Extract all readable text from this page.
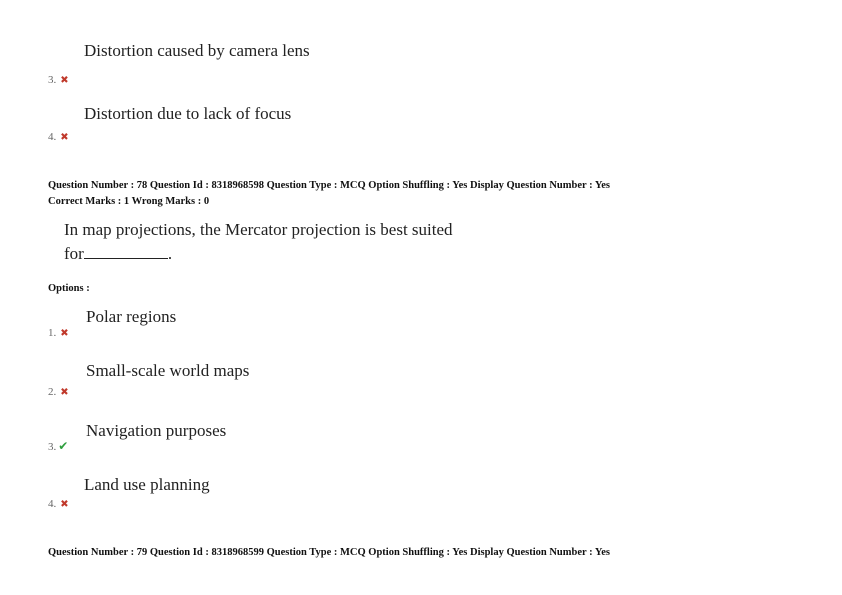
Distortion caused by camera lens
3. ✖
Distortion due to lack of focus
4. ✖
Question Number : 78 Question Id : 8318968598 Question Type : MCQ Option Shuffling : Yes Display Question Number : Yes
Correct Marks : 1 Wrong Marks : 0
In map projections, the Mercator projection is best suited
for	.
Options :
Polar regions
1. ✖
Small-scale world maps
2. ✖
Navigation purposes
3. ✔
Land use planning
4. ✖
Question Number : 79 Question Id : 8318968599 Question Type : MCQ Option Shuffling : Yes Display Question Number : Yes
